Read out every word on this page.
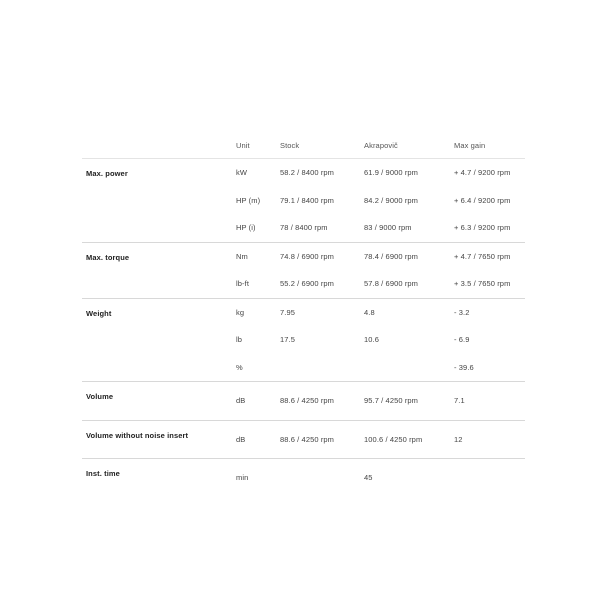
	Unit	Stock	Akrapovič	Max gain
Max. power	kW	58.2 / 8400 rpm	61.9 / 9000 rpm	+ 4.7 / 9200 rpm
	HP (m)	79.1 / 8400 rpm	84.2 / 9000 rpm	+ 6.4 / 9200 rpm
	HP (i)	78 / 8400 rpm	83 / 9000 rpm	+ 6.3 / 9200 rpm
Max. torque	Nm	74.8 / 6900 rpm	78.4 / 6900 rpm	+ 4.7 / 7650 rpm
	lb-ft	55.2 / 6900 rpm	57.8 / 6900 rpm	+ 3.5 / 7650 rpm
Weight	kg	7.95	4.8	- 3.2
	lb	17.5	10.6	- 6.9
	%			- 39.6
Volume	dB	88.6 / 4250 rpm	95.7 / 4250 rpm	7.1
Volume without noise insert	dB	88.6 / 4250 rpm	100.6 / 4250 rpm	12
Inst. time	min		45	
